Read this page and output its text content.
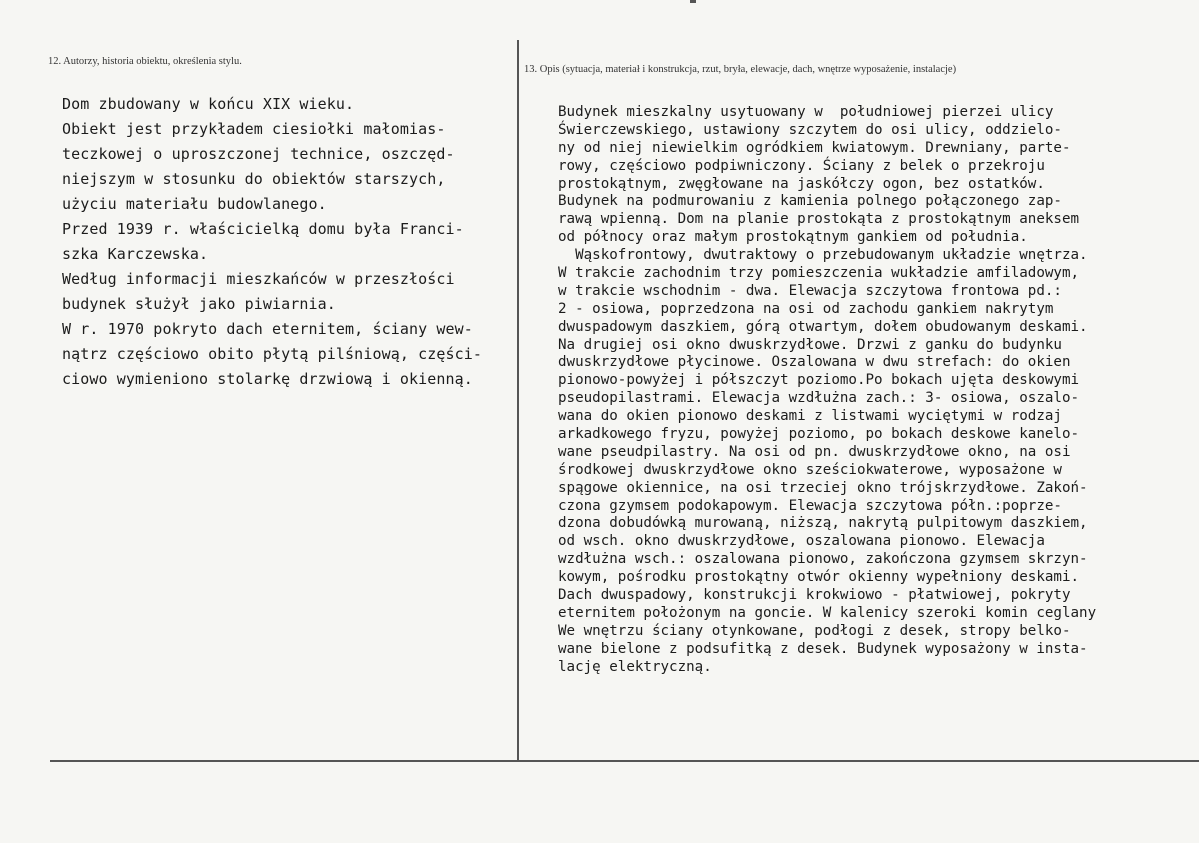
12. Autorzy, historia obiektu, określenia stylu.
13. Opis (sytuacja, materiał i konstrukcja, rzut, bryła, elewacje, dach, wnętrze wyposażenie, instalacje)
Dom zbudowany w końcu XIX wieku.
Obiekt jest przykładem ciesiołki małomias-
teczkowej o uproszczonej technice, oszczęd-
niejszym w stosunku do obiektów starszych,
użyciu materiału budowlanego.
Przed 1939 r. właścicielką domu była Franci-
szka Karczewska.
Według informacji mieszkańców w przeszłości
budynek służył jako piwiarnia.
W r. 1970 pokryto dach eternitem, ściany wew-
nątrz częściowo obito płytą pilśniową, części-
ciowo wymieniono stolarkę drzwiową i okienną.
Budynek mieszkalny usytuowany w  południowej pierzei ulicy
Świerczewskiego, ustawiony szczytem do osi ulicy, oddzielo-
ny od niej niewielkim ogródkiem kwiatowym. Drewniany, parte-
rowy, częściowo podpiwniczony. Ściany z belek o przekroju
prostokątnym, zwęgłowane na jaskółczy ogon, bez ostatków.
Budynek na podmurowaniu z kamienia polnego połączonego zap-
rawą wpienną. Dom na planie prostokąta z prostokątnym aneksem
od północy oraz małym prostokątnym gankiem od południa.
Wąskofrontowy, dwutraktowy o przebudowanym układzie wnętrza.
W trakcie zachodnim trzy pomieszczenia wukładzie amfiladowym,
w trakcie wschodnim - dwa. Elewacja szczytowa frontowa pd.:
2 - osiowa, poprzedzona na osi od zachodu gankiem nakrytym
dwuspadowym daszkiem, górą otwartym, dołem obudowanym deskami.
Na drugiej osi okno dwuskrzydłowe. Drzwi z ganku do budynku
dwuskrzydłowe płycinowe. Oszalowana w dwu strefach: do okien
pionowo-powyżej i półszczyt poziomo.Po bokach ujęta deskowymi
pseudopilastrami. Elewacja wzdłużna zach.: 3- osiowa, oszalo-
wana do okien pionowo deskami z listwami wyciętymi w rodzaj
arkadkowego fryzu, powyżej poziomo, po bokach deskowe kanelo-
wane pseudpilastry. Na osi od pn. dwuskrzydłowe okno, na osi
środkowej dwuskrzydłowe okno sześciokwaterowe, wyposażone w
spągowe okiennice, na osi trzeciej okno trójskrzydłowe. Zakoń-
czona gzymsem podokapowym. Elewacja szczytowa półn.:poprze-
dzona dobudówką murowaną, niższą, nakrytą pulpitowym daszkiem,
od wsch. okno dwuskrzydłowe, oszalowana pionowo. Elewacja
wzdłużna wsch.: oszalowana pionowo, zakończona gzymsem skrzyn-
kowym, pośrodku prostokątny otwór okienny wypełniony deskami.
Dach dwuspadowy, konstrukcji krokwiowo - płatwiowej, pokryty
eternitem położonym na goncie. W kalenicy szeroki komin ceglany
We wnętrzu ściany otynkowane, podłogi z desek, stropy belko-
wane bielone z podsufitką z desek. Budynek wyposażony w insta-
lację elektryczną.
